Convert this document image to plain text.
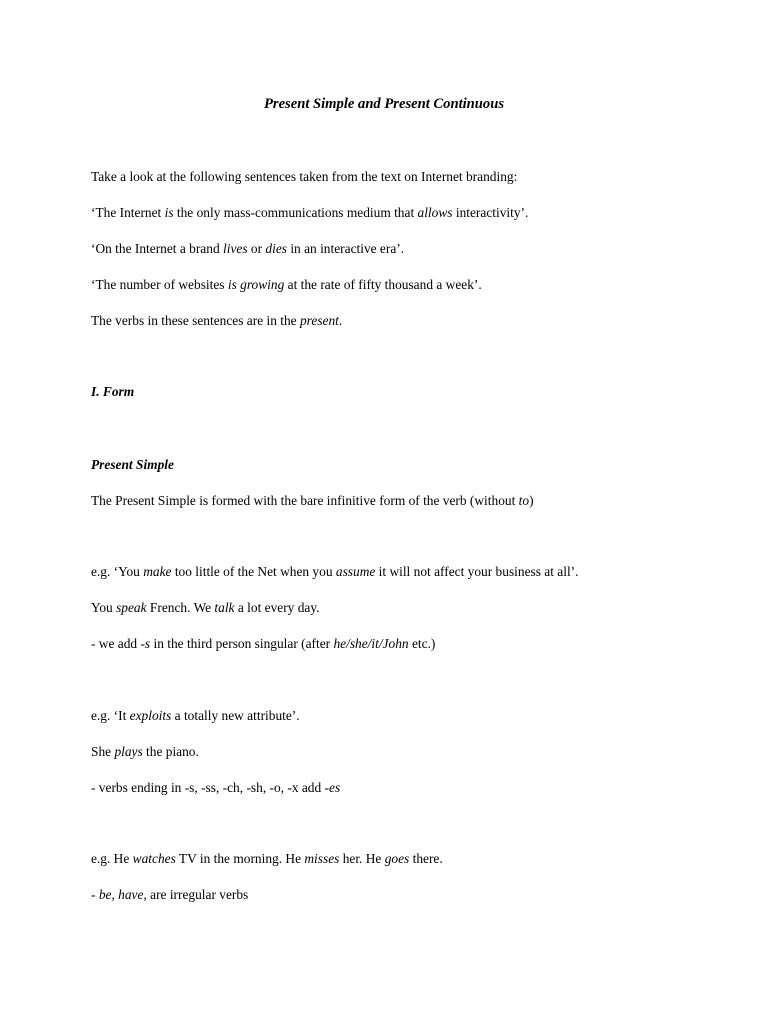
Present Simple and Present Continuous
Take a look at the following sentences taken from the text on Internet branding:
‘The Internet is the only mass-communications medium that allows interactivity’.
‘On the Internet a brand lives or dies in an interactive era’.
‘The number of websites is growing at the rate of fifty thousand a week’.
The verbs in these sentences are in the present.
I. Form
Present Simple
The Present Simple is formed with the bare infinitive form of the verb (without to)
e.g. ‘You make too little of the Net when you assume it will not affect your business at all’.
You speak French. We talk a lot every day.
- we add -s in the third person singular (after he/she/it/John etc.)
e.g. ‘It exploits a totally new attribute’.
She plays the piano.
- verbs ending in -s, -ss, -ch, -sh, -o, -x add -es
e.g. He watches TV in the morning. He misses her. He goes there.
- be, have, are irregular verbs
